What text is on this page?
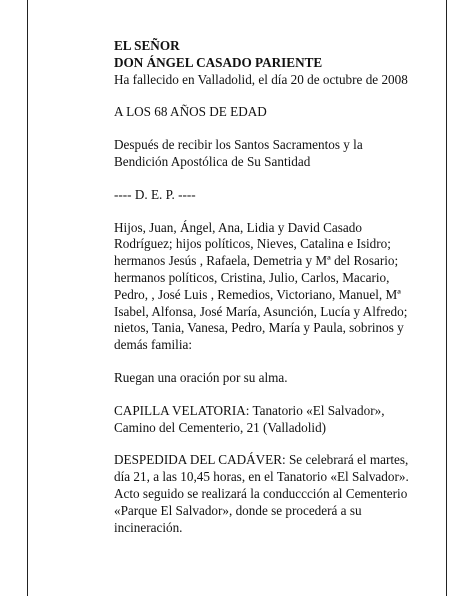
EL SEÑOR

DON ÁNGEL CASADO PARIENTE

Ha fallecido en Valladolid, el día 20 de octubre de 2008

A LOS 68 AÑOS DE EDAD

Después de recibir los Santos Sacramentos y la
Bendición Apostólica de Su Santidad

---- D. E. P. ----

Hijos, Juan, Ángel, Ana, Lidia y David Casado
Rodríguez; hijos políticos, Nieves, Catalina e Isidro;
hermanos Jesús , Rafaela, Demetria y Mª del Rosario;
hermanos políticos, Cristina, Julio, Carlos, Macario,
Pedro, , José Luis , Remedios, Victoriano, Manuel, Mª
Isabel, Alfonsa, José María, Asunción, Lucía y Alfredo;
nietos, Tania, Vanesa, Pedro, María y Paula, sobrinos y
demás familia:

Ruegan una oración por su alma.

CAPILLA VELATORIA: Tanatorio «El Salvador»,
Camino del Cementerio, 21 (Valladolid)

DESPEDIDA DEL CADÁVER: Se celebrará el martes,
día 21, a las 10,45 horas, en el Tanatorio «El Salvador».
Acto seguido se realizará la conduccción al Cementerio
«Parque El Salvador», donde se procederá a su
incineración.
